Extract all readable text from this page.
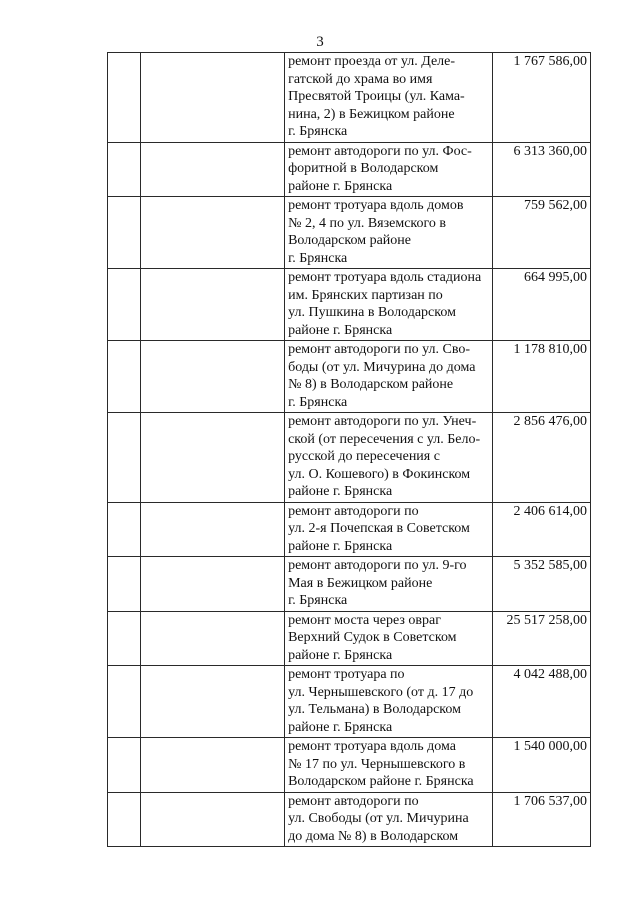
3

		ремонт проезда от ул. Деле-
гатской до храма во имя
Пресвятой Троицы (ул. Кама-
нина, 2) в Бежицком районе
г. Брянска	1 767 586,00

		ремонт автодороги по ул. Фос-
форитной в Володарском
районе г. Брянска	6 313 360,00

		ремонт тротуара вдоль домов
№ 2, 4 по ул. Вяземского в
Володарском районе
г. Брянска	759 562,00

		ремонт тротуара вдоль стадиона
им. Брянских партизан по
ул. Пушкина в Володарском
районе г. Брянска	664 995,00

		ремонт автодороги по ул. Сво-
боды (от ул. Мичурина до дома
№ 8) в Володарском районе
г. Брянска	1 178 810,00

		ремонт автодороги по ул. Унеч-
ской (от пересечения с ул. Бело-
русской до пересечения с
ул. О. Кошевого) в Фокинском
районе г. Брянска	2 856 476,00

		ремонт автодороги по
ул. 2-я Почепская в Советском
районе г. Брянска	2 406 614,00

		ремонт автодороги по ул. 9-го
Мая в Бежицком районе
г. Брянска	5 352 585,00

		ремонт моста через овраг
Верхний Судок в Советском
районе г. Брянска	25 517 258,00

		ремонт тротуара по
ул. Чернышевского (от д. 17 до
ул. Тельмана) в Володарском
районе г. Брянска	4 042 488,00

		ремонт тротуара вдоль дома
№ 17 по ул. Чернышевского в
Володарском районе г. Брянска	1 540 000,00

		ремонт автодороги по
ул. Свободы (от ул. Мичурина
до дома № 8) в Володарском	1 706 537,00
